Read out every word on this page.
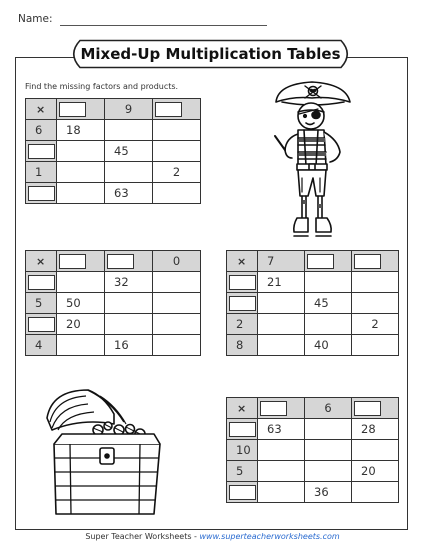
Name:
Mixed-Up Multiplication Tables
Find the missing factors and products.
×		9	
6	18		
		45	
1			2
		63	
×			0
		32	
5	50		
	20		
4		16	
×	7		
	21		
		45	
2			2
8		40	
×		6	
	63		28
10			
5			20
		36	
Super Teacher Worksheets - www.superteacherworksheets.com
